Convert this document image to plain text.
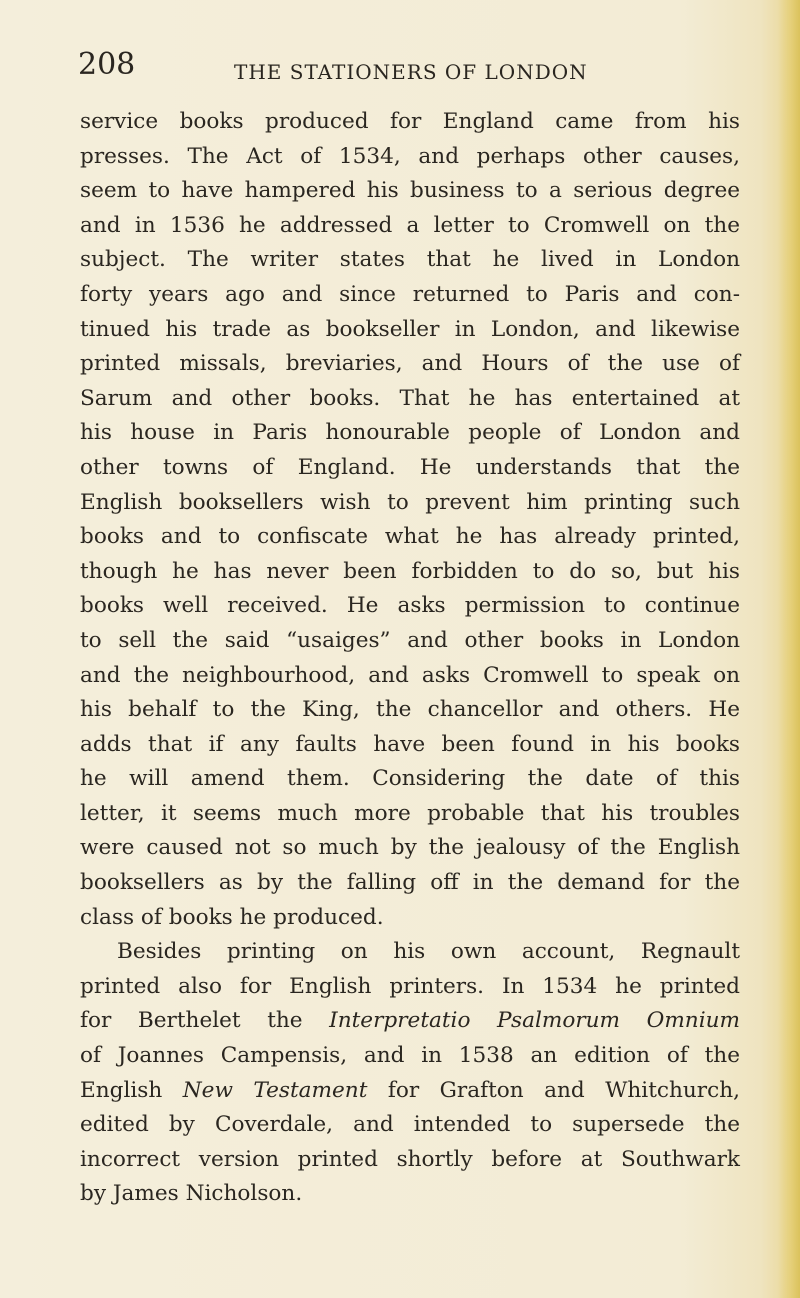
208	THE STATIONERS OF LONDON
service books produced for England came from his
presses. The Act of 1534, and perhaps other causes,
seem to have hampered his business to a serious degree
and in 1536 he addressed a letter to Cromwell on the
subject. The writer states that he lived in London
forty years ago and since returned to Paris and con-
tinued his trade as bookseller in London, and likewise
printed missals, breviaries, and Hours of the use of
Sarum and other books. That he has entertained at
his house in Paris honourable people of London and
other towns of England. He understands that the
English booksellers wish to prevent him printing such
books and to confiscate what he has already printed,
though he has never been forbidden to do so, but his
books well received. He asks permission to continue
to sell the said “usaiges” and other books in London
and the neighbourhood, and asks Cromwell to speak on
his behalf to the King, the chancellor and others. He
adds that if any faults have been found in his books
he will amend them. Considering the date of this
letter, it seems much more probable that his troubles
were caused not so much by the jealousy of the English
booksellers as by the falling off in the demand for the
class of books he produced.
Besides printing on his own account, Regnault
printed also for English printers. In 1534 he printed
for Berthelet the Interpretatio Psalmorum Omnium
of Joannes Campensis, and in 1538 an edition of the
English New Testament for Grafton and Whitchurch,
edited by Coverdale, and intended to supersede the
incorrect version printed shortly before at Southwark
by James Nicholson.
